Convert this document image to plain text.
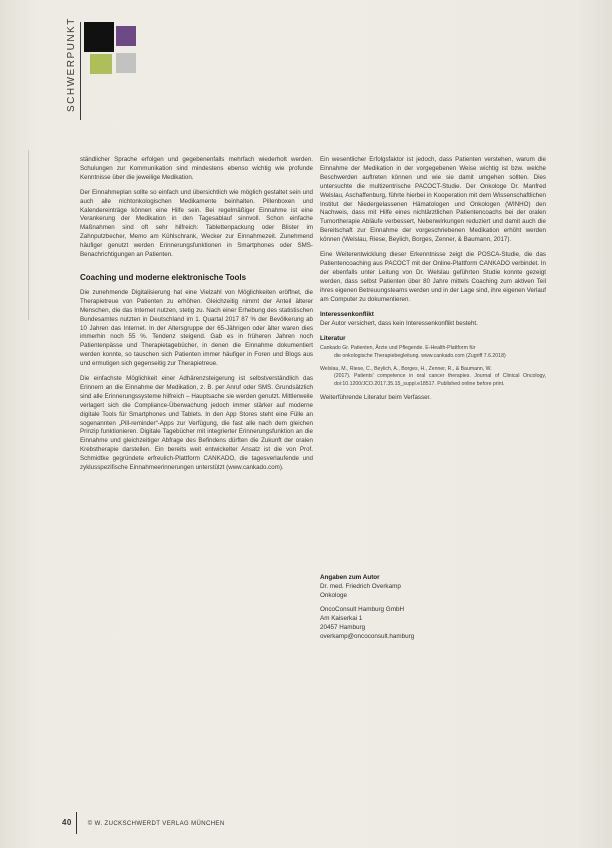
SCHWERPUNKT

ständlicher Sprache erfolgen und gegebenenfalls mehrfach wiederholt werden. Schulungen zur Kommunikation sind mindestens ebenso wichtig wie profunde Kenntnisse über die jeweilige Medikation.

Der Einnahmeplan sollte so einfach und übersichtlich wie möglich gestaltet sein und auch alle nichtonkologischen Medikamente beinhalten. Pillenboxen und Kalendereinträge können eine Hilfe sein. Bei regelmäßiger Einnahme ist eine Verankerung der Medikation in den Tagesablauf sinnvoll. Schon einfache Maßnahmen sind oft sehr hilfreich: Tablettenpackung oder Blister im Zahnputzbecher, Memo am Kühlschrank, Wecker zur Einnahmezeit. Zunehmend häufiger genutzt werden Erinnerungsfunktionen in Smartphones oder SMS-Benachrichtigungen an Patienten.

Coaching und moderne elektronische Tools

Die zunehmende Digitalisierung hat eine Vielzahl von Möglichkeiten eröffnet, die Therapietreue von Patienten zu erhöhen. Gleichzeitig nimmt der Anteil älterer Menschen, die das Internet nutzen, stetig zu. Nach einer Erhebung des statistischen Bundesamtes nutzten in Deutschland im 1. Quartal 2017 87 % der Bevölkerung ab 10 Jahren das Internet. In der Altersgruppe der 65-Jährigen oder älter waren dies immerhin noch 55 %. Tendenz steigend. Gab es in früheren Jahren noch Patientenpässe und Therapietagebücher, in denen die Einnahme dokumentiert werden konnte, so tauschen sich Patienten immer häufiger in Foren und Blogs aus und ermutigen sich gegenseitig zur Therapietreue.

Die einfachste Möglichkeit einer Adhärenzsteigerung ist selbstverständlich das Erinnern an die Einnahme der Medikation, z. B. per Anruf oder SMS. Grundsätzlich sind alle Erinnerungssysteme hilfreich – Hauptsache sie werden genutzt. Mittlerweile verlagert sich die Compliance-Überwachung jedoch immer stärker auf moderne digitale Tools für Smartphones und Tablets. In den App Stores steht eine Fülle an sogenannten „Pill-reminder“-Apps zur Verfügung, die fast alle nach dem gleichen Prinzip funktionieren. Digitale Tagebücher mit integrierter Erinnerungsfunktion an die Einnahme und gleichzeitiger Abfrage des Befindens dürften die Zukunft der oralen Krebstherapie darstellen. Ein bereits weit entwickelter Ansatz ist die von Prof. Schmidtke gegründete erfreulich-Plattform CANKADO, die tagesverlaufende und zyklusspezifische Einnahmeerinnerungen unterstützt (www.cankado.com).

Ein wesentlicher Erfolgsfaktor ist jedoch, dass Patienten verstehen, warum die Einnahme der Medikation in der vorgegebenen Weise wichtig ist bzw. welche Beschwerden auftreten können und wie sie damit umgehen sollten. Dies untersuchte die multizentrische PACOCT-Studie. Der Onkologe Dr. Manfred Welslau, Aschaffenburg, führte hierbei in Kooperation mit dem Wissenschaftlichen Institut der Niedergelassenen Hämatologen und Onkologen (WINHO) den Nachweis, dass mit Hilfe eines nichtärztlichen Patientencoachs bei der oralen Tumortherapie Abläufe verbessert, Nebenwirkungen reduziert und damit auch die Bereitschaft zur Einnahme der vorgeschriebenen Medikation erhöht werden können (Welslau, Riese, Beylich, Borges, Zenner, & Baumann, 2017).

Eine Weiterentwicklung dieser Erkenntnisse zeigt die POSCA-Studie, die das Patientencoaching aus PACOCT mit der Online-Plattform CANKADO verbindet. In der ebenfalls unter Leitung von Dr. Welslau geführten Studie konnte gezeigt werden, dass selbst Patienten über 80 Jahre mittels Coaching zum aktiven Teil ihres eigenen Betreuungsteams werden und in der Lage sind, ihre eigenen Verlauf am Computer zu dokumentieren.

Interessenkonflikt

Der Autor versichert, dass kein Interessenkonflikt besteht.

Literatur

Cankado Gr. Patienten, Ärzte und Pflegende. E-Health-Plattform für
die onkologische Therapiebegleitung. www.cankado.com (Zugriff 7.6.2018)

Welslau, M., Riese, C., Beylich, A., Borges, H., Zenner, R., & Baumann, W.
(2017). Patients' competence in oral cancer therapies. Journal of Clinical Oncology, doi:10.1200/JCO.2017.35.15_suppl.e18517. Published online before print.

Weiterführende Literatur beim Verfasser.

Angaben zum Autor
Dr. med. Friedrich Overkamp
Onkologe
OncoConsult Hamburg GmbH
Am Kaiserkai 1
20457 Hamburg
overkamp@oncoconsult.hamburg
40	© W. ZUCKSCHWERDT VERLAG MÜNCHEN
